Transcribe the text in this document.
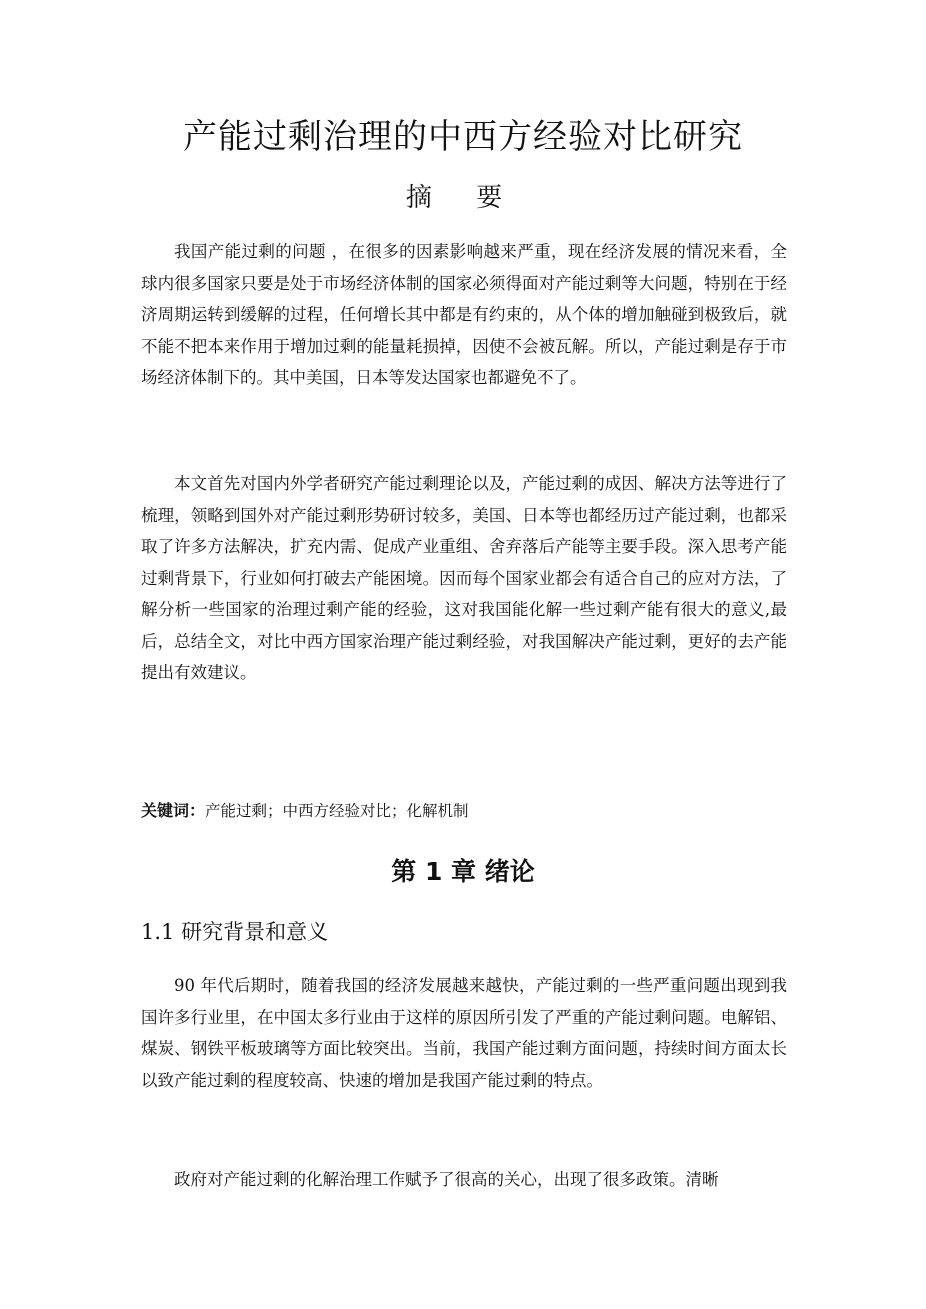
产能过剩治理的中西方经验对比研究
摘 要

我国产能过剩的问题 ，在很多的因素影响越来严重，现在经济发展的情况来看，全球内很多国家只要是处于市场经济体制的国家必须得面对产能过剩等大问题，特别在于经济周期运转到缓解的过程，任何增长其中都是有约束的，从个体的增加触碰到极致后，就不能不把本来作用于增加过剩的能量耗损掉，因使不会被瓦解。所以，产能过剩是存于市场经济体制下的。其中美国，日本等发达国家也都避免不了。

本文首先对国内外学者研究产能过剩理论以及，产能过剩的成因、解决方法等进行了梳理，领略到国外对产能过剩形势研讨较多，美国、日本等也都经历过产能过剩，也都采取了许多方法解决，扩充内需、促成产业重组、舍弃落后产能等主要手段。深入思考产能过剩背景下，行业如何打破去产能困境。因而每个国家业都会有适合自己的应对方法，了解分析一些国家的治理过剩产能的经验，这对我国能化解一些过剩产能有很大的意义,最后，总结全文，对比中西方国家治理产能过剩经验，对我国解决产能过剩，更好的去产能提出有效建议。

关键词：产能过剩；中西方经验对比；化解机制
第 1 章 绪论
1.1 研究背景和意义

90 年代后期时，随着我国的经济发展越来越快，产能过剩的一些严重问题出现到我国许多行业里，在中国太多行业由于这样的原因所引发了严重的产能过剩问题。电解铝、煤炭、钢铁平板玻璃等方面比较突出。当前，我国产能过剩方面问题，持续时间方面太长以致产能过剩的程度较高、快速的增加是我国产能过剩的特点。

政府对产能过剩的化解治理工作赋予了很高的关心，出现了很多政策。清晰
